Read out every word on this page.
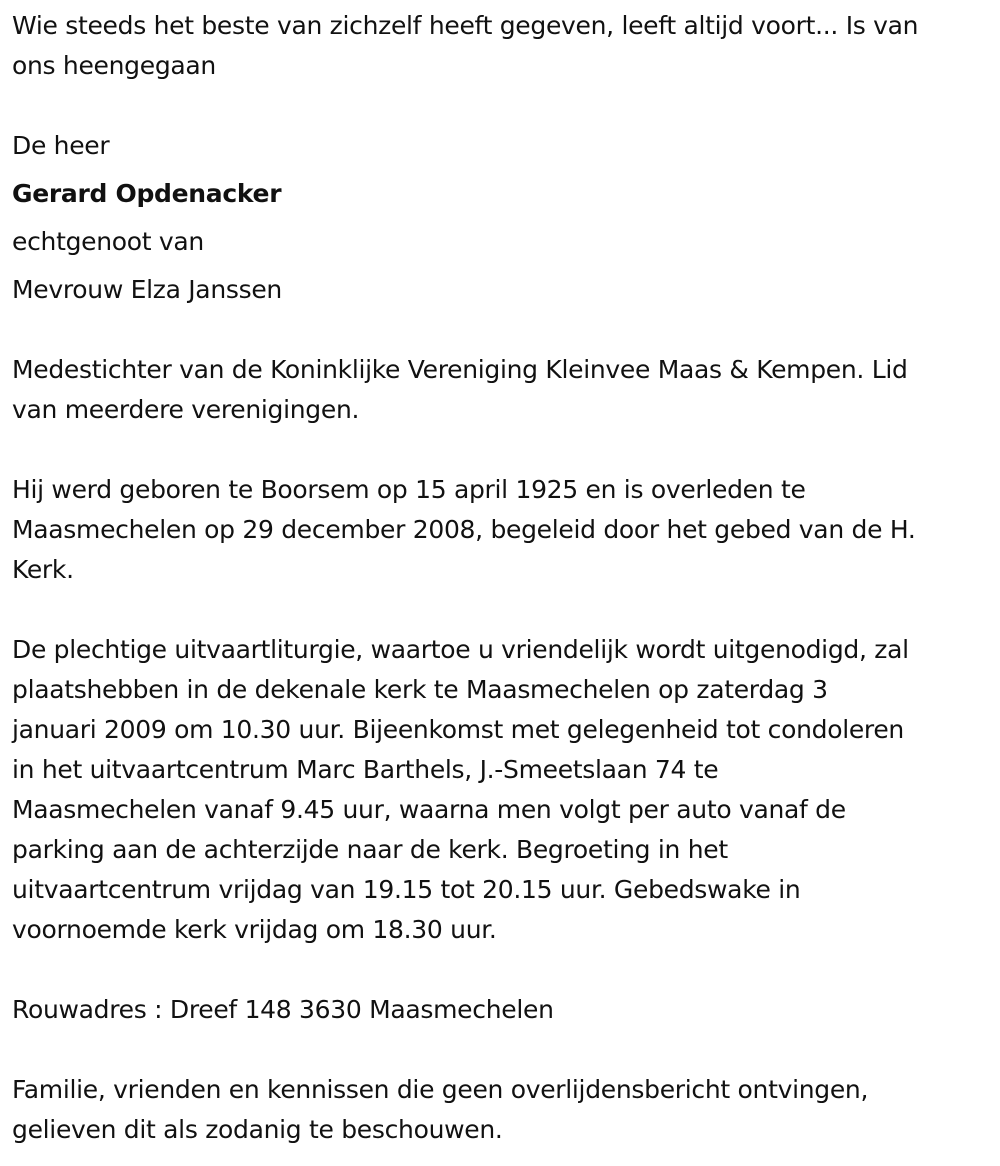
Wie steeds het beste van zichzelf heeft gegeven, leeft altijd voort... Is van
ons heengegaan

De heer

Gerard Opdenacker

echtgenoot van

Mevrouw Elza Janssen

Medestichter van de Koninklijke Vereniging Kleinvee Maas & Kempen. Lid
van meerdere verenigingen.

Hij werd geboren te Boorsem op 15 april 1925 en is overleden te
Maasmechelen op 29 december 2008, begeleid door het gebed van de H.
Kerk.

De plechtige uitvaartliturgie, waartoe u vriendelijk wordt uitgenodigd, zal
plaatshebben in de dekenale kerk te Maasmechelen op zaterdag 3
januari 2009 om 10.30 uur. Bijeenkomst met gelegenheid tot condoleren
in het uitvaartcentrum Marc Barthels, J.-Smeetslaan 74 te
Maasmechelen vanaf 9.45 uur, waarna men volgt per auto vanaf de
parking aan de achterzijde naar de kerk. Begroeting in het
uitvaartcentrum vrijdag van 19.15 tot 20.15 uur. Gebedswake in
voornoemde kerk vrijdag om 18.30 uur.

Rouwadres : Dreef 148 3630 Maasmechelen

Familie, vrienden en kennissen die geen overlijdensbericht ontvingen,
gelieven dit als zodanig te beschouwen.
